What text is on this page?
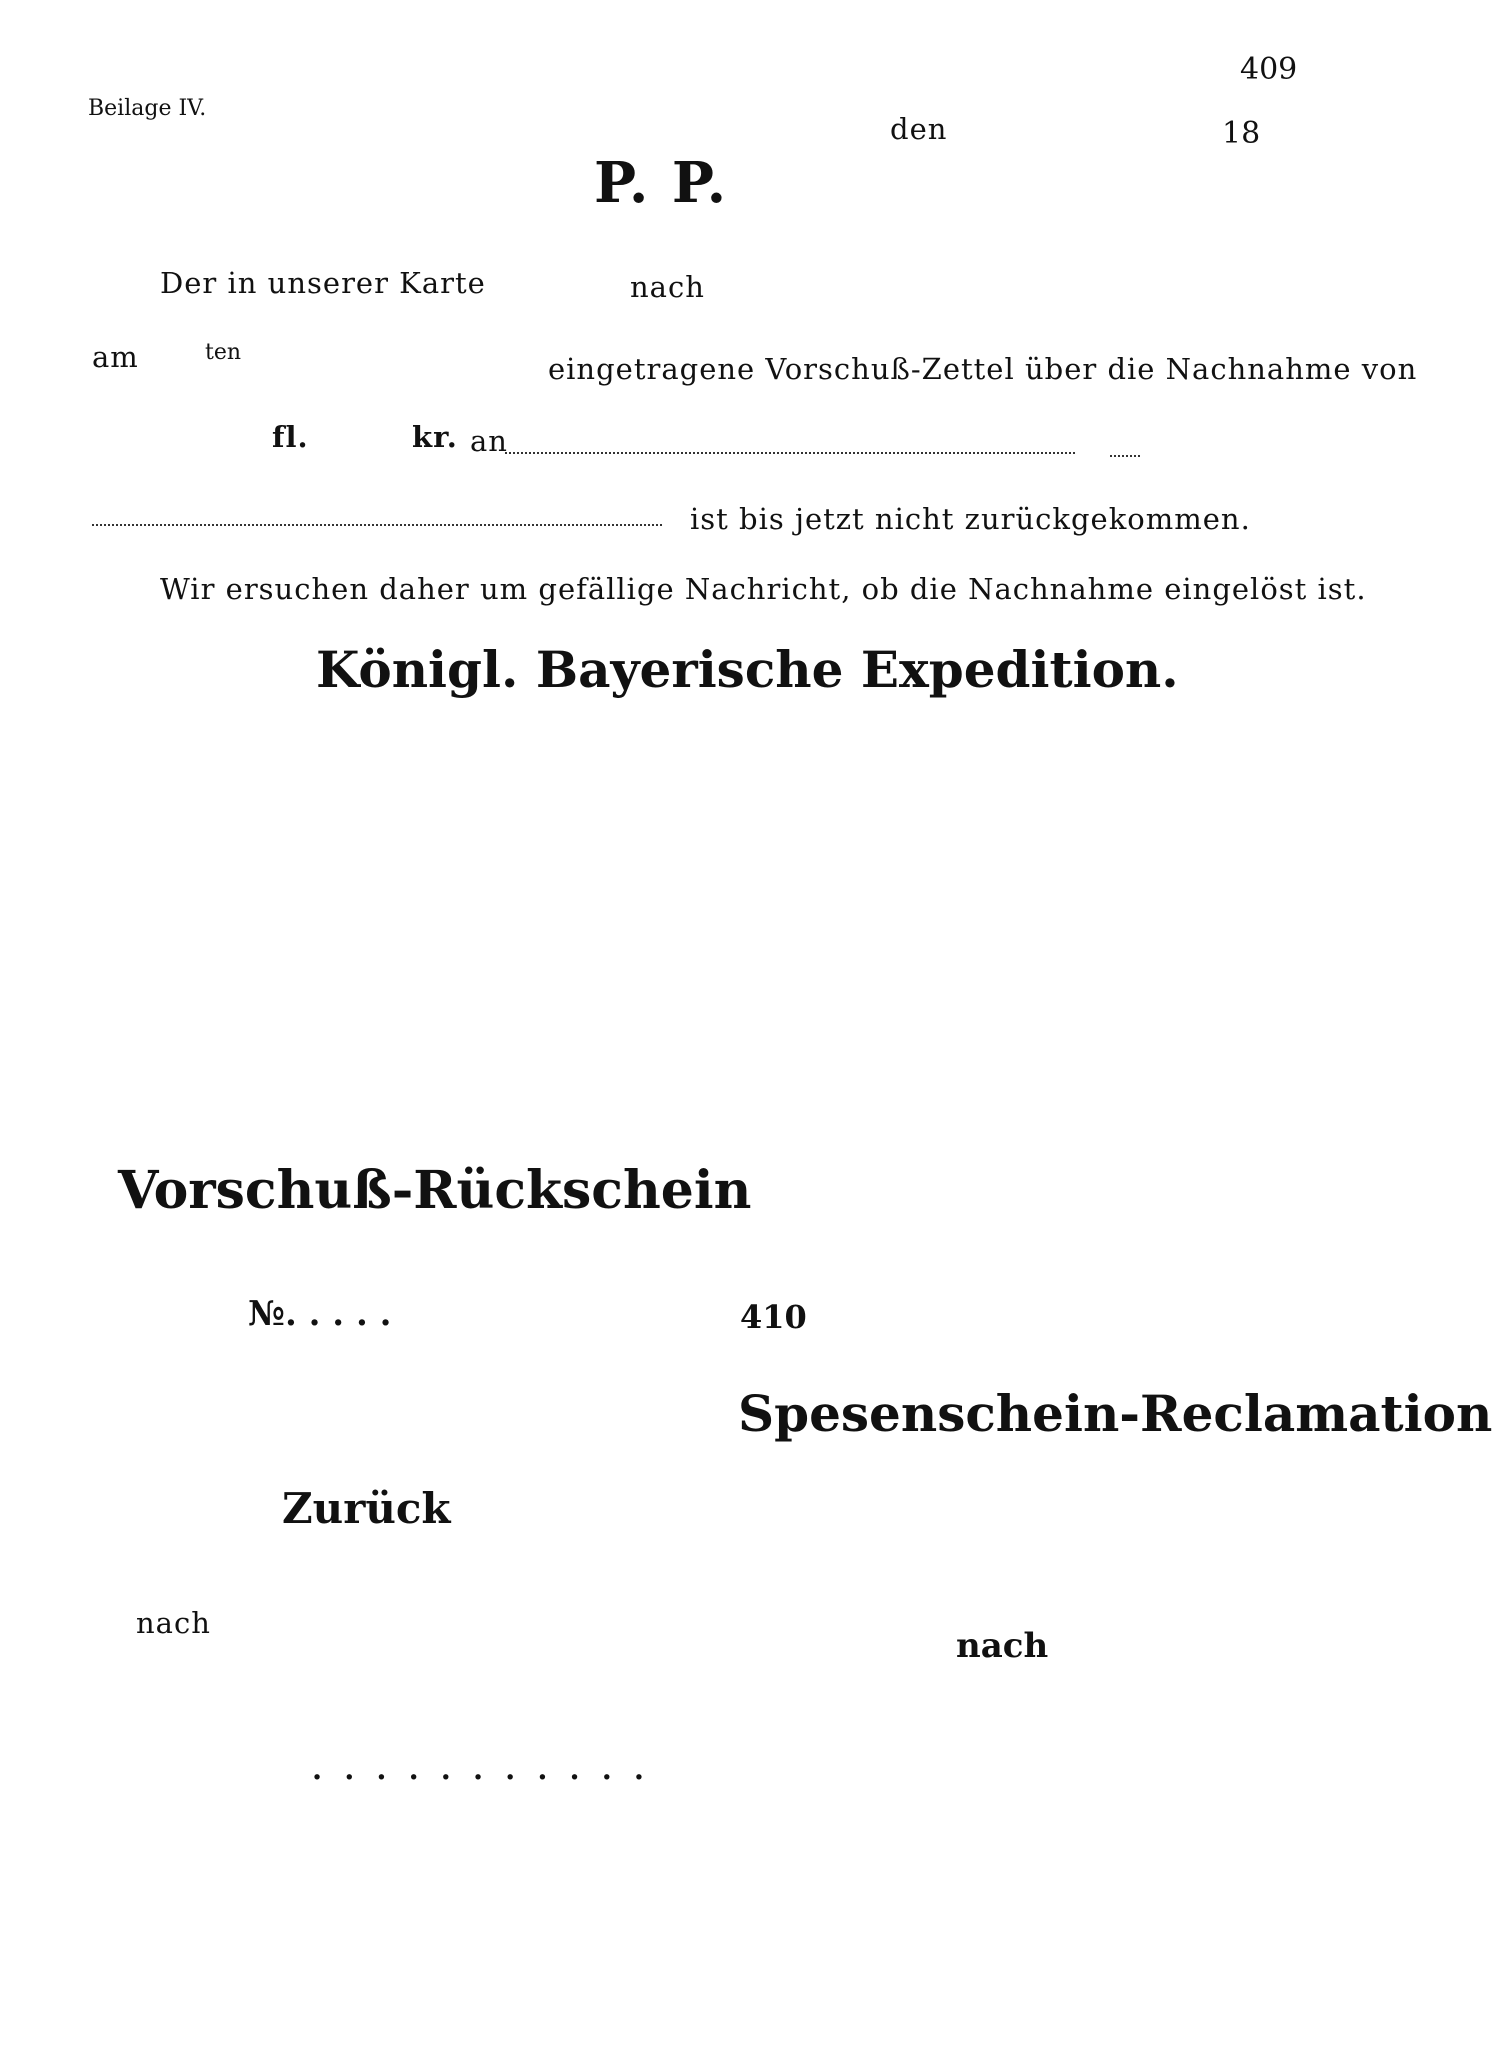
409
Beilage IV.
den	18
P. P.
Der in unserer Karte	nach
am	ten	eingetragene Vorschuß-Zettel über die Nachnahme von
fl.	kr. an
ist bis jetzt nicht zurückgekommen.
Wir ersuchen daher um gefällige Nachricht, ob die Nachnahme eingelöst ist.
Königl. Bayerische Expedition.
Vorschuß-Rückschein
№. . . . .
Zurück
nach
. . . . . . . . . . .
410
Spesenschein-Reclamation
nach
